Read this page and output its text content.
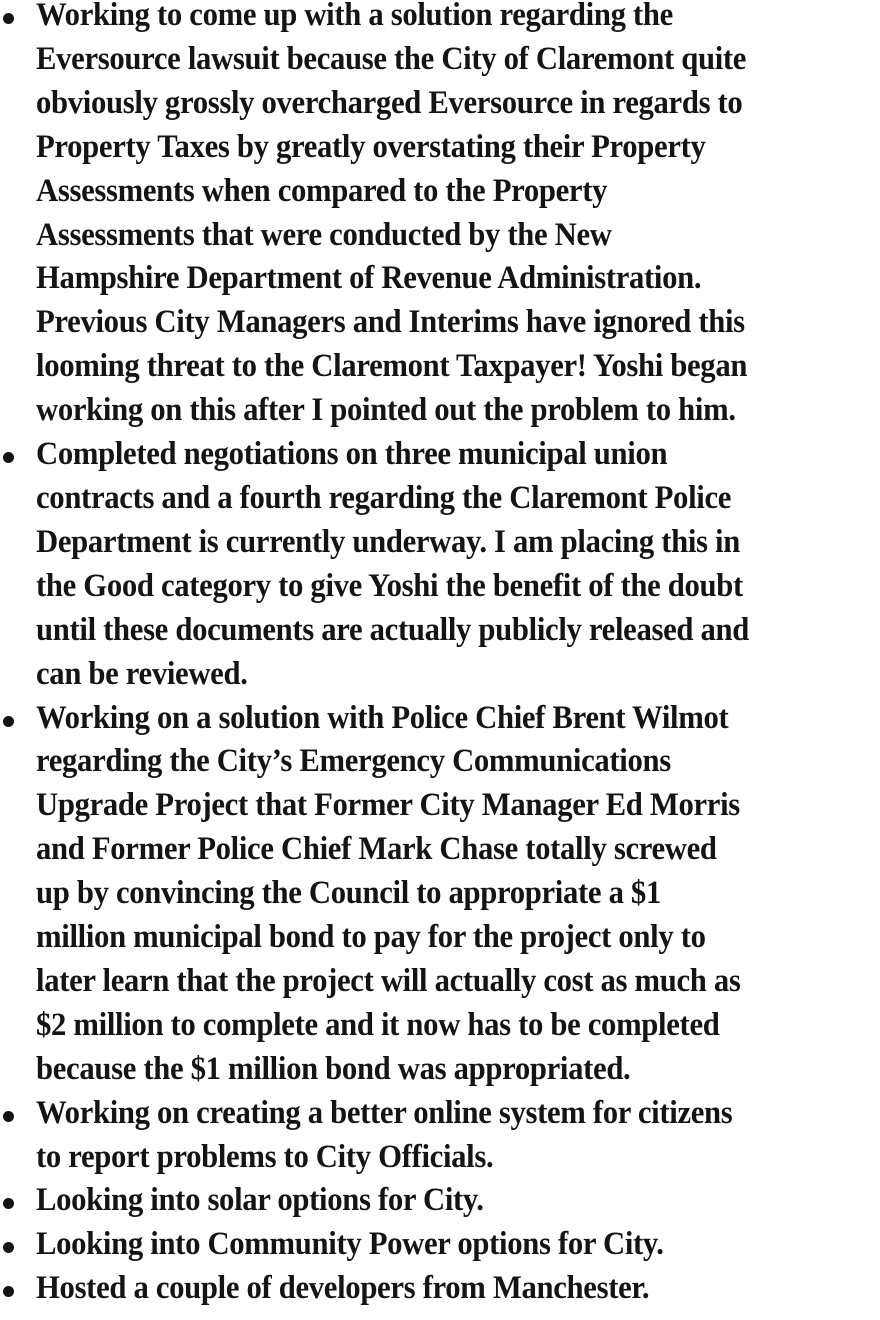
Working to come up with a solution regarding the
Eversource lawsuit because the City of Claremont quite
obviously grossly overcharged Eversource in regards to
Property Taxes by greatly overstating their Property
Assessments when compared to the Property
Assessments that were conducted by the New
Hampshire Department of Revenue Administration.
Previous City Managers and Interims have ignored this
looming threat to the Claremont Taxpayer! Yoshi began
working on this after I pointed out the problem to him.
Completed negotiations on three municipal union
contracts and a fourth regarding the Claremont Police
Department is currently underway. I am placing this in
the Good category to give Yoshi the benefit of the doubt
until these documents are actually publicly released and
can be reviewed.
Working on a solution with Police Chief Brent Wilmot
regarding the City’s Emergency Communications
Upgrade Project that Former City Manager Ed Morris
and Former Police Chief Mark Chase totally screwed
up by convincing the Council to appropriate a $1
million municipal bond to pay for the project only to
later learn that the project will actually cost as much as
$2 million to complete and it now has to be completed
because the $1 million bond was appropriated.
Working on creating a better online system for citizens
to report problems to City Officials.
Looking into solar options for City.
Looking into Community Power options for City.
Hosted a couple of developers from Manchester.
